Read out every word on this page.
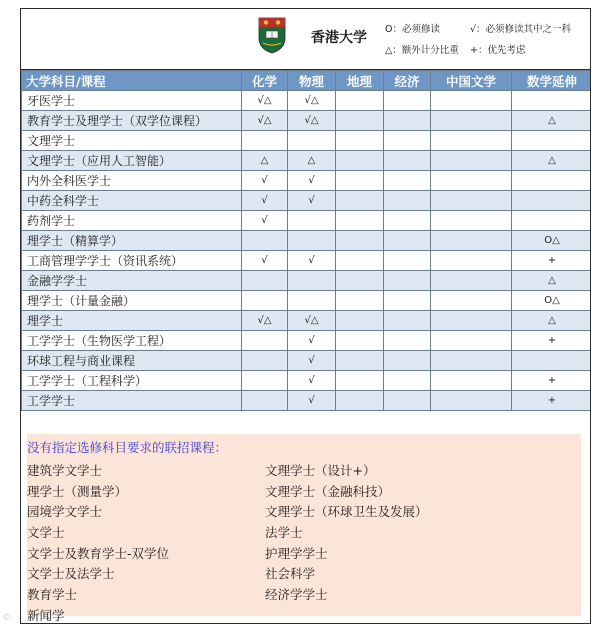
香港大学
O：必须修读	√：必须修读其中之一科
△：额外计分比重 +：优先考虑
大学科目/课程	化学	物理	地理	经济	中国文学	数学延伸
牙医学士	√△	√△				
教育学士及理学士（双学位课程）	√△	√△				△
文理学士						
文理学士（应用人工智能）	△	△				△
内外全科医学士	√	√				
中药全科学士	√	√				
药剂学士	√					
理学士（精算学）						O△
工商管理学学士（资讯系统）	√	√				+
金融学学士						△
理学士（计量金融）						O△
理学士	√△	√△				△
工学学士（生物医学工程）		√				+
环球工程与商业课程		√				
工学学士（工程科学）		√				+
工学学士		√				+
没有指定选修科目要求的联招课程：
建筑学文学士
理学士（测量学）
园境学文学士
文学士
文学士及教育学士-双学位
文学士及法学士
教育学士
新闻学
文理学士（设计+）
文理学士（金融科技）
文理学士（环球卫生及发展）
法学士
护理学学士
社会科学
经济学学士
©
